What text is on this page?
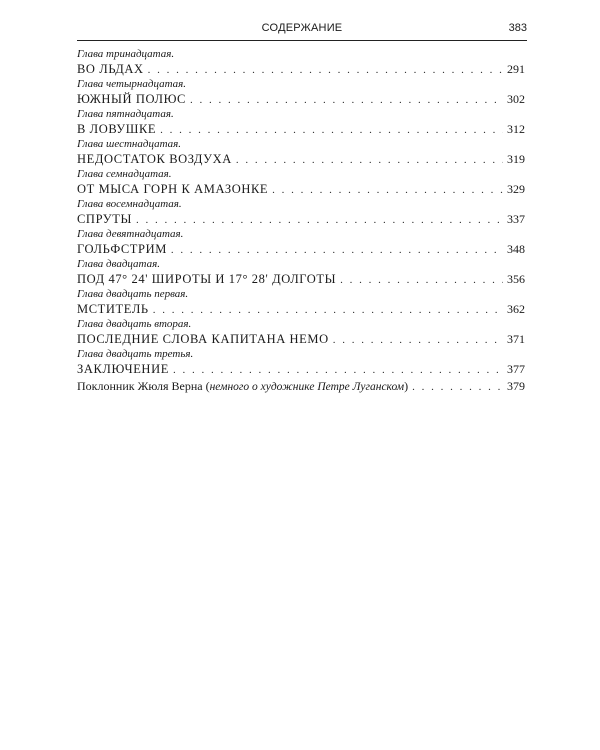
СОДЕРЖАНИЕ	383
Глава тринадцатая.
ВО ЛЬДАХ . . .	291
Глава четырнадцатая.
ЮЖНЫЙ ПОЛЮС . . .	302
Глава пятнадцатая.
В ЛОВУШКЕ . . .	312
Глава шестнадцатая.
НЕДОСТАТОК ВОЗДУХА . . .	319
Глава семнадцатая.
ОТ МЫСА ГОРН К АМАЗОНКЕ . . .	329
Глава восемнадцатая.
СПРУТЫ . . .	337
Глава девятнадцатая.
ГОЛЬФСТРИМ . . .	348
Глава двадцатая.
ПОД 47° 24' ШИРОТЫ И 17° 28' ДОЛГОТЫ . . .	356
Глава двадцать первая.
МСТИТЕЛЬ . . .	362
Глава двадцать вторая.
ПОСЛЕДНИЕ СЛОВА КАПИТАНА НЕМО . . .	371
Глава двадцать третья.
ЗАКЛЮЧЕНИЕ . . .	377
Поклонник Жюля Верна ( немного о художнике Петре Луганском ) . . .	379
